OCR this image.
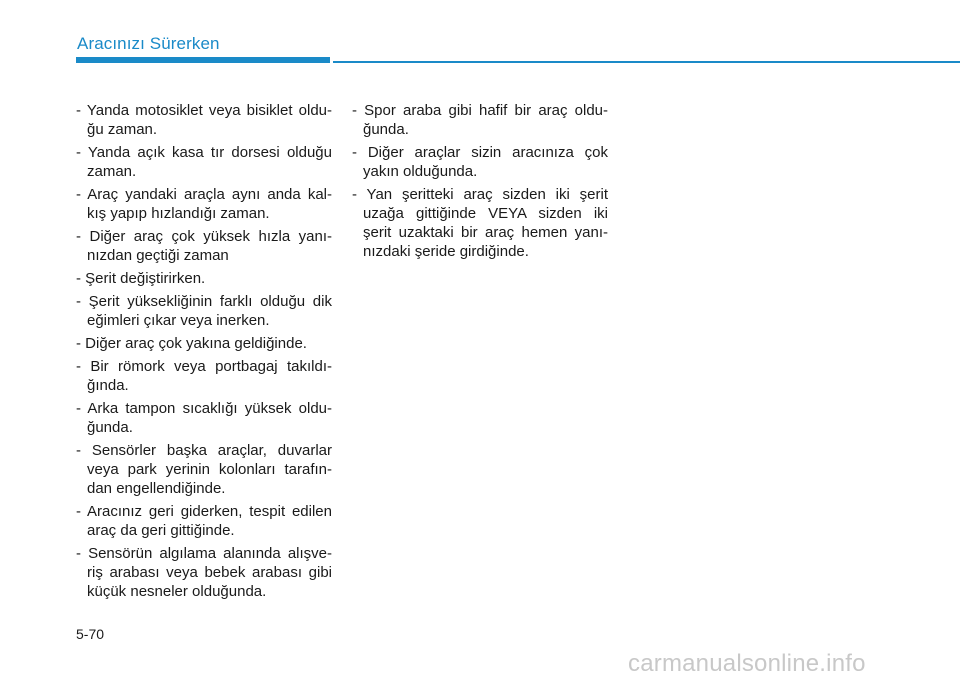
Aracınızı Sürerken
- Yanda motosiklet veya bisiklet oldu-ğu zaman.
- Yanda açık kasa tır dorsesi olduğu zaman.
- Araç yandaki araçla aynı anda kal-kış yapıp hızlandığı zaman.
- Diğer araç çok yüksek hızla yanı-nızdan geçtiği zaman
- Şerit değiştirirken.
- Şerit yüksekliğinin farklı olduğu dik eğimleri çıkar veya inerken.
- Diğer araç çok yakına geldiğinde.
- Bir römork veya portbagaj takıldı-ğında.
- Arka tampon sıcaklığı yüksek oldu-ğunda.
- Sensörler başka araçlar, duvarlar veya park yerinin kolonları tarafın-dan engellendiğinde.
- Aracınız geri giderken, tespit edilen araç da geri gittiğinde.
- Sensörün algılama alanında alışve-riş arabası veya bebek arabası gibi küçük nesneler olduğunda.
- Spor araba gibi hafif bir araç oldu-ğunda.
- Diğer araçlar sizin aracınıza çok yakın olduğunda.
- Yan şeritteki araç sizden iki şerit uzağa gittiğinde VEYA sizden iki şerit uzaktaki bir araç hemen yanı-nızdaki şeride girdiğinde.
5-70
carmanualsonline.info
